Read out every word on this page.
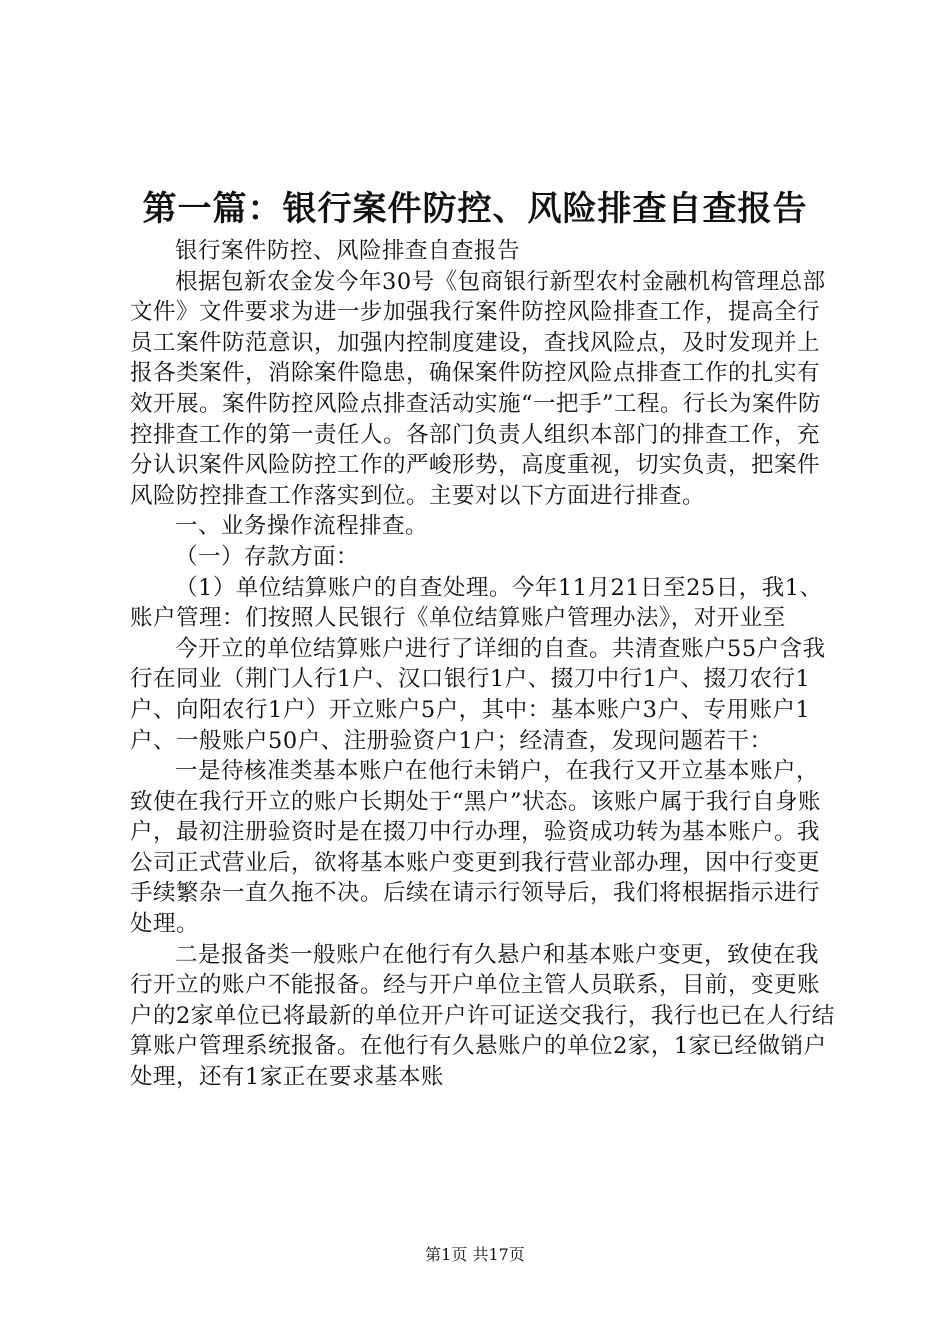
第一篇：银行案件防控、风险排查自查报告

银行案件防控、风险排查自查报告

根据包新农金发今年30号《包商银行新型农村金融机构管理总部文件》文件要求为进一步加强我行案件防控风险排查工作，提高全行员工案件防范意识，加强内控制度建设，查找风险点，及时发现并上报各类案件，消除案件隐患，确保案件防控风险点排查工作的扎实有效开展。案件防控风险点排查活动实施“一把手”工程。行长为案件防控排查工作的第一责任人。各部门负责人组织本部门的排查工作，充分认识案件风险防控工作的严峻形势，高度重视，切实负责，把案件风险防控排查工作落实到位。主要对以下方面进行排查。

一、业务操作流程排查。

（一）存款方面：

（1）单位结算账户的自查处理。今年11月21日至25日，我1、账户管理：们按照人民银行《单位结算账户管理办法》，对开业至

今开立的单位结算账户进行了详细的自查。共清查账户55户含我行在同业（荆门人行1户、汉口银行1户、掇刀中行1户、掇刀农行1户、向阳农行1户）开立账户5户，其中：基本账户3户、专用账户1户、一般账户50户、注册验资户1户；经清查，发现问题若干：

一是待核准类基本账户在他行未销户，在我行又开立基本账户，致使在我行开立的账户长期处于“黑户”状态。该账户属于我行自身账户，最初注册验资时是在掇刀中行办理，验资成功转为基本账户。我公司正式营业后，欲将基本账户变更到我行营业部办理，因中行变更手续繁杂一直久拖不决。后续在请示行领导后，我们将根据指示进行处理。

二是报备类一般账户在他行有久悬户和基本账户变更，致使在我行开立的账户不能报备。经与开户单位主管人员联系，目前，变更账户的2家单位已将最新的单位开户许可证送交我行，我行也已在人行结算账户管理系统报备。在他行有久悬账户的单位2家，1家已经做销户处理，还有1家正在要求基本账

第1页 共17页
